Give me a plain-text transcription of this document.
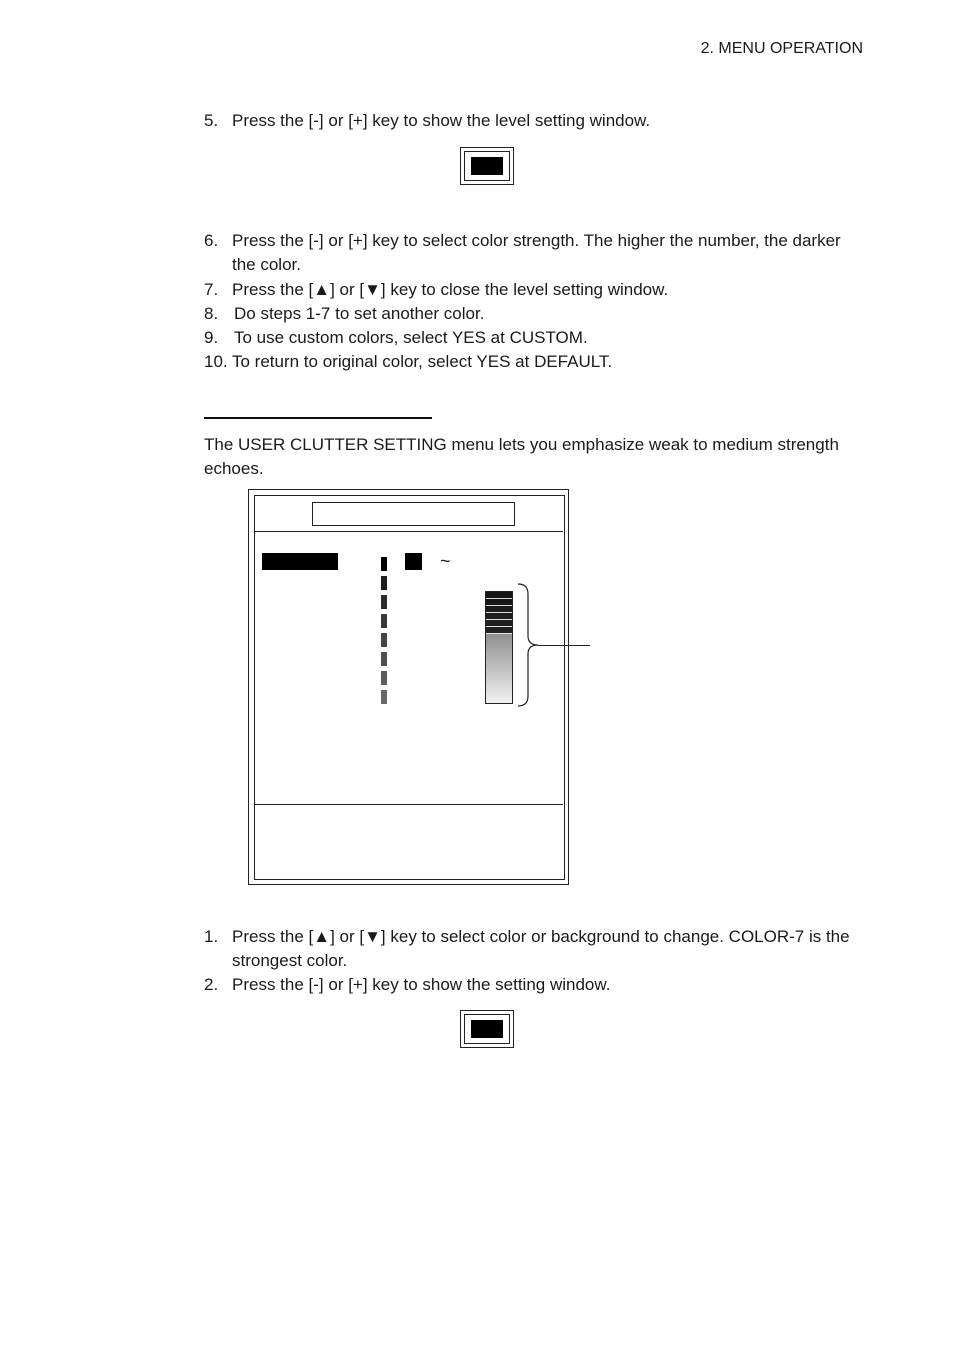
2. MENU OPERATION
5. Press the [-] or [+] key to show the level setting window.
6. Press the [-] or [+] key to select color strength. The higher the number, the darker the color.
7. Press the [▲] or [▼] key to close the level setting window.
8. Do steps 1-7 to set another color.
9. To use custom colors, select YES at CUSTOM.
10. To return to original color, select YES at DEFAULT.
The USER CLUTTER SETTING menu lets you emphasize weak to medium strength echoes.
~
1. Press the [▲] or [▼] key to select color or background to change. COLOR-7 is the strongest color.
2. Press the [-] or [+] key to show the setting window.
